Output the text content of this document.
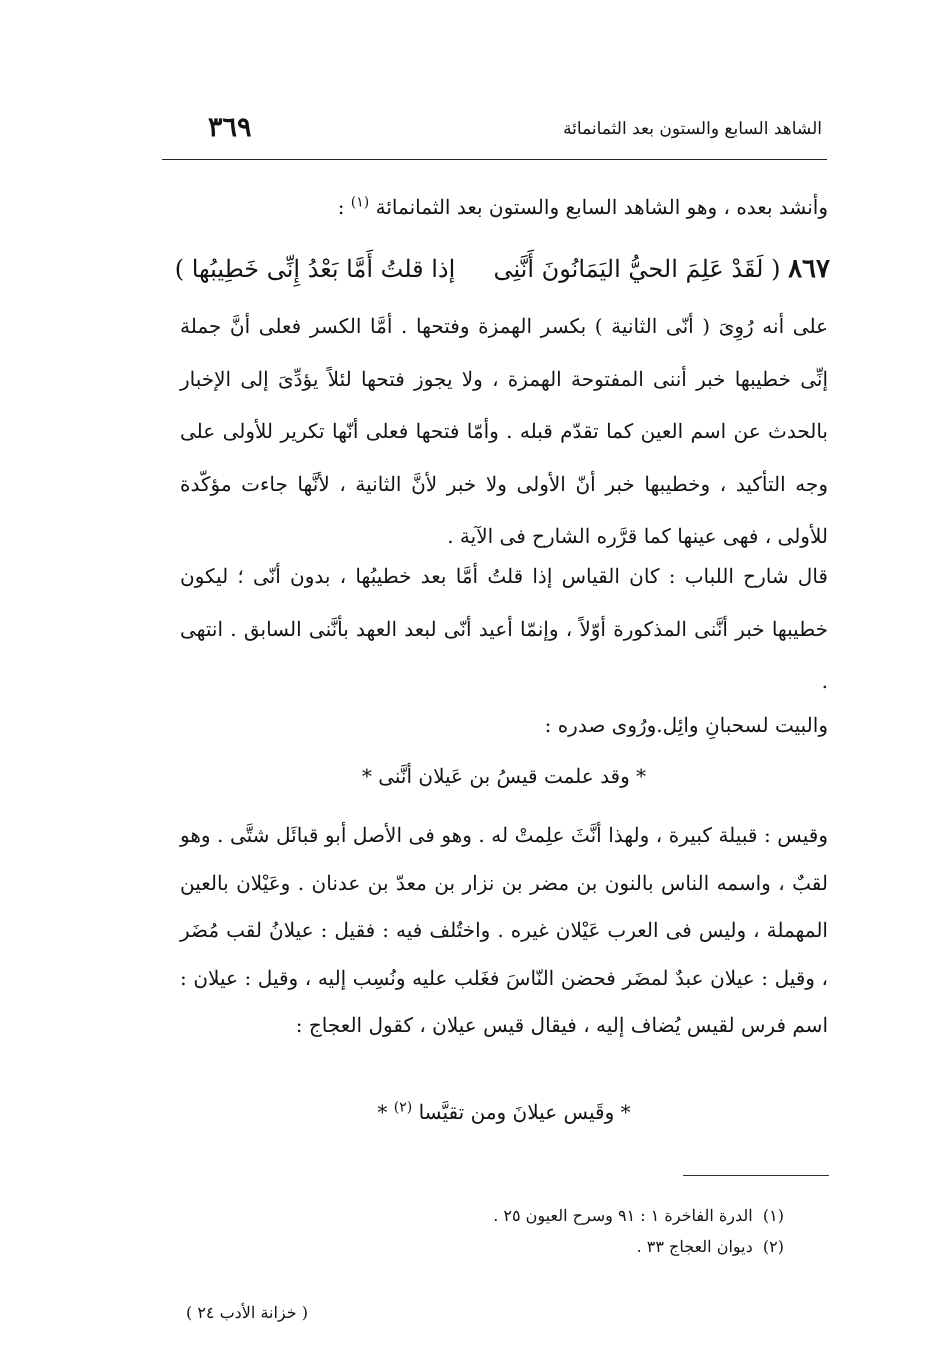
الشاهد السابع والستون بعد الثمانمائة
٣٦٩
وأنشد بعده ، وهو الشاهد السابع والستون بعد الثمانمائة $^{(١)}$ :
٨٦٧ ( لَقَدْ عَلِمَ الحيُّ اليَمَانُونَ أَنَّنِى     إذا قلتُ أَمَّا بَعْدُ إِنِّى خَطِيبُها )
على أنه رُوِىَ ( أنّى الثانية ) بكسر الهمزة وفتحها . أمَّا الكسر فعلى أنَّ جملة إنِّى خطيبها خبر أننى المفتوحة الهمزة ، ولا يجوز فتحها لئلاً يؤدِّىَ إلى الإخبار بالحدث عن اسم العين كما تقدّم قبله . وأمّا فتحها فعلى أنّها تكرير للأولى على وجه التأكيد ، وخطيبها خبر أنّ الأولى ولا خبر لأنَّ الثانية ، لأنَّها جاءت مؤكّدة للأولى ، فهى عينها كما قرَّره الشارح فى الآية .
قال شارح اللباب : كان القياس إذا قلتُ أمَّا بعد خطيبُها ، بدون أنّى ؛ ليكون خطيبها خبر أنَّنى المذكورة أوّلاً ، وإنمّا أعيد أنّى لبعد العهد بأنَّنى السابق . انتهى .
والبيت لسحبانِ وائِل.ورُوى صدره :
* وقد علمت قيسُ بن عَيلان أنَّنى *
وقيس : قبيلة كبيرة ، ولهذا أنَّثَ علِمتْ له . وهو فى الأصل أبو قبائَل شتَّى . وهو لقبٌ ، واسمه الناس بالنون بن مضر بن نزار بن معدّ بن عدنان . وعَيْلان بالعين المهملة ، وليس فى العرب عَيْلان غيره . واختُلف فيه : فقيل : عيلانُ لقب مُضَر ، وقيل : عيلان عبدٌ لمضَر فحضن النّاسَ فغَلب عليه ونُسِب إليه ، وقيل : عيلان : اسم فرس لقيس يُضاف إليه ، فيقال قيس عيلان ، كقول العجاج :
* وقَيس عيلانَ ومن تقيَّسا $^{(٢)}$ *
(١)  الدرة الفاخرة ١ : ٩١ وسرح العيون ٢٥ .
(٢)  ديوان العجاج ٣٣ .
( خزانة الأدب ٢٤ )
